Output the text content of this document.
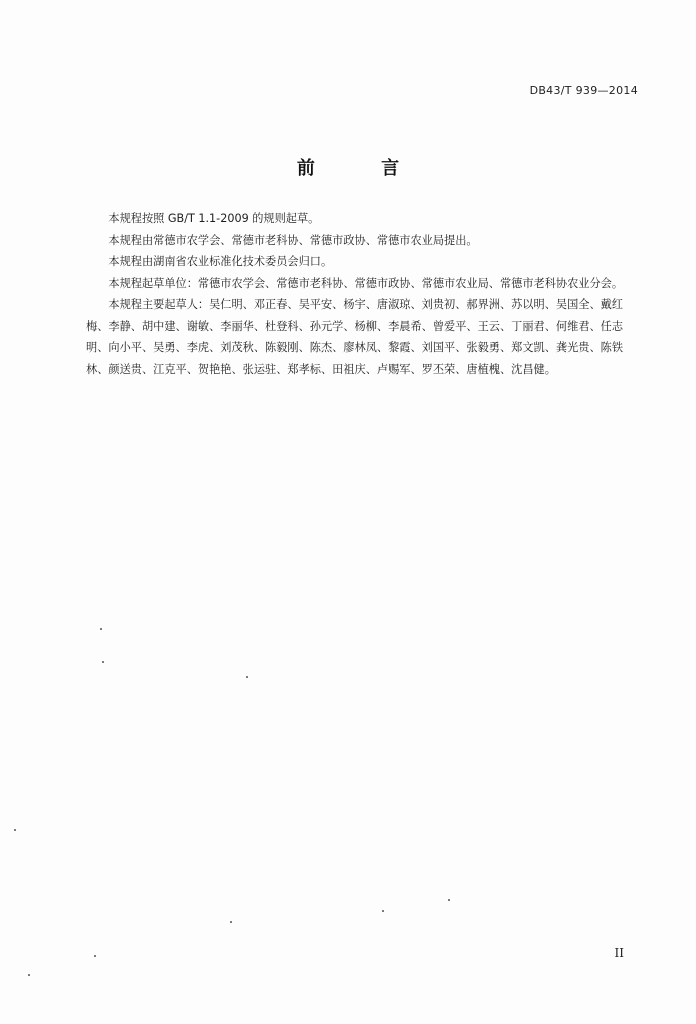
DB43/T 939—2014
前 言

本规程按照 GB/T 1.1-2009 的规则起草。

本规程由常德市农学会、常德市老科协、常德市政协、常德市农业局提出。

本规程由湖南省农业标准化技术委员会归口。

本规程起草单位：常德市农学会、常德市老科协、常德市政协、常德市农业局、常德市老科协农业分会。

本规程主要起草人：吴仁明、邓正春、吴平安、杨宇、唐淑琼、刘贵初、郝界洲、苏以明、吴国全、戴红梅、李静、胡中建、谢敏、李丽华、杜登科、孙元学、杨柳、李晨希、曾爱平、王云、丁丽君、何维君、任志明、向小平、吴勇、李虎、刘茂秋、陈毅刚、陈杰、廖林凤、黎霞、刘国平、张毅勇、郑文凯、龚光贵、陈铁林、颜送贵、江克平、贺艳艳、张运驻、郑孝标、田祖庆、卢赐军、罗丕荣、唐植槐、沈昌健。

II
